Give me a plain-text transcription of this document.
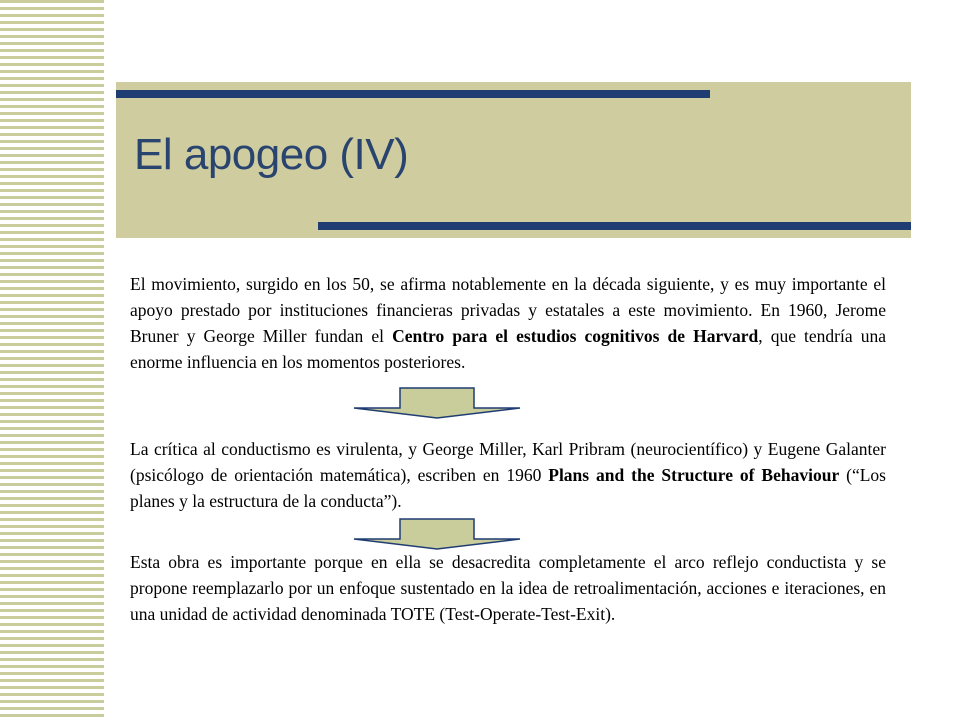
El apogeo (IV)

El movimiento, surgido en los 50, se afirma notablemente en la década siguiente, y es muy importante el apoyo prestado por instituciones financieras privadas y estatales a este movimiento. En 1960, Jerome Bruner y George Miller fundan el Centro para el estudios cognitivos de Harvard, que tendría una enorme influencia en los momentos posteriores.

La crítica al conductismo es virulenta, y George Miller, Karl Pribram (neurocientífico) y Eugene Galanter (psicólogo de orientación matemática), escriben en 1960 Plans and the Structure of Behaviour (“Los planes y la estructura de la conducta”).

Esta obra es importante porque en ella se desacredita completamente el arco reflejo conductista y se propone reemplazarlo por un enfoque sustentado en la idea de retroalimentación, acciones e iteraciones, en una unidad de actividad denominada TOTE (Test-Operate-Test-Exit).
